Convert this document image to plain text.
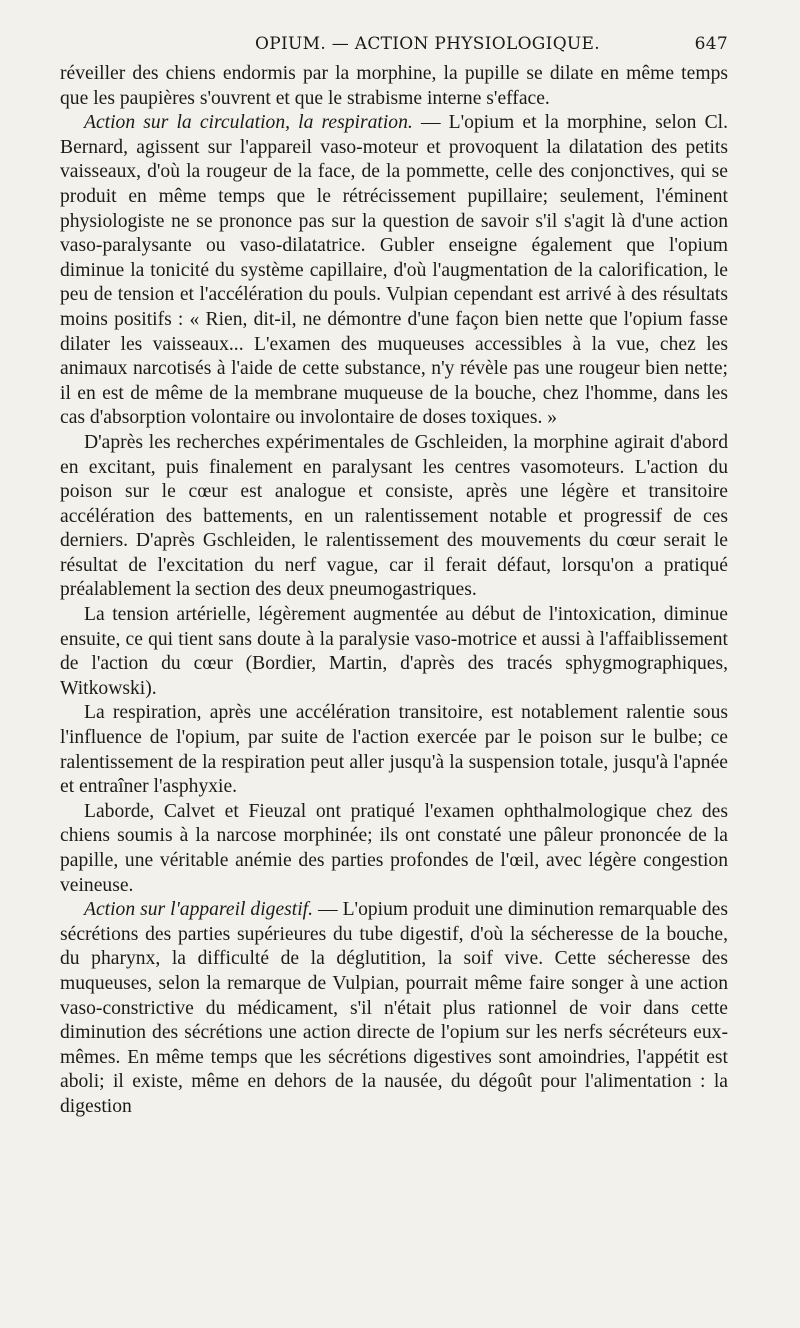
OPIUM. — ACTION PHYSIOLOGIQUE.	647

réveiller des chiens endormis par la morphine, la pupille se dilate en même temps que les paupières s'ouvrent et que le strabisme interne s'efface.

Action sur la circulation, la respiration. — L'opium et la morphine, selon Cl. Bernard, agissent sur l'appareil vaso-moteur et provoquent la dilatation des petits vaisseaux, d'où la rougeur de la face, de la pommette, celle des conjonctives, qui se produit en même temps que le rétrécissement pupillaire; seulement, l'éminent physiologiste ne se prononce pas sur la question de savoir s'il s'agit là d'une action vaso-paralysante ou vaso-dilatatrice. Gubler enseigne également que l'opium diminue la tonicité du système capillaire, d'où l'augmentation de la calorification, le peu de tension et l'accélération du pouls. Vulpian cependant est arrivé à des résultats moins positifs : « Rien, dit-il, ne démontre d'une façon bien nette que l'opium fasse dilater les vaisseaux... L'examen des muqueuses accessibles à la vue, chez les animaux narcotisés à l'aide de cette substance, n'y révèle pas une rougeur bien nette; il en est de même de la membrane muqueuse de la bouche, chez l'homme, dans les cas d'absorption volontaire ou involontaire de doses toxiques. »

D'après les recherches expérimentales de Gschleiden, la morphine agirait d'abord en excitant, puis finalement en paralysant les centres vasomoteurs. L'action du poison sur le cœur est analogue et consiste, après une légère et transitoire accélération des battements, en un ralentissement notable et progressif de ces derniers. D'après Gschleiden, le ralentissement des mouvements du cœur serait le résultat de l'excitation du nerf vague, car il ferait défaut, lorsqu'on a pratiqué préalablement la section des deux pneumogastriques.

La tension artérielle, légèrement augmentée au début de l'intoxication, diminue ensuite, ce qui tient sans doute à la paralysie vaso-motrice et aussi à l'affaiblissement de l'action du cœur (Bordier, Martin, d'après des tracés sphygmographiques, Witkowski).

La respiration, après une accélération transitoire, est notablement ralentie sous l'influence de l'opium, par suite de l'action exercée par le poison sur le bulbe; ce ralentissement de la respiration peut aller jusqu'à la suspension totale, jusqu'à l'apnée et entraîner l'asphyxie.

Laborde, Calvet et Fieuzal ont pratiqué l'examen ophthalmologique chez des chiens soumis à la narcose morphinée; ils ont constaté une pâleur prononcée de la papille, une véritable anémie des parties profondes de l'œil, avec légère congestion veineuse.

Action sur l'appareil digestif. — L'opium produit une diminution remarquable des sécrétions des parties supérieures du tube digestif, d'où la sécheresse de la bouche, du pharynx, la difficulté de la déglutition, la soif vive. Cette sécheresse des muqueuses, selon la remarque de Vulpian, pourrait même faire songer à une action vaso-constrictive du médicament, s'il n'était plus rationnel de voir dans cette diminution des sécrétions une action directe de l'opium sur les nerfs sécréteurs eux-mêmes. En même temps que les sécrétions digestives sont amoindries, l'appétit est aboli; il existe, même en dehors de la nausée, du dégoût pour l'alimentation : la digestion
